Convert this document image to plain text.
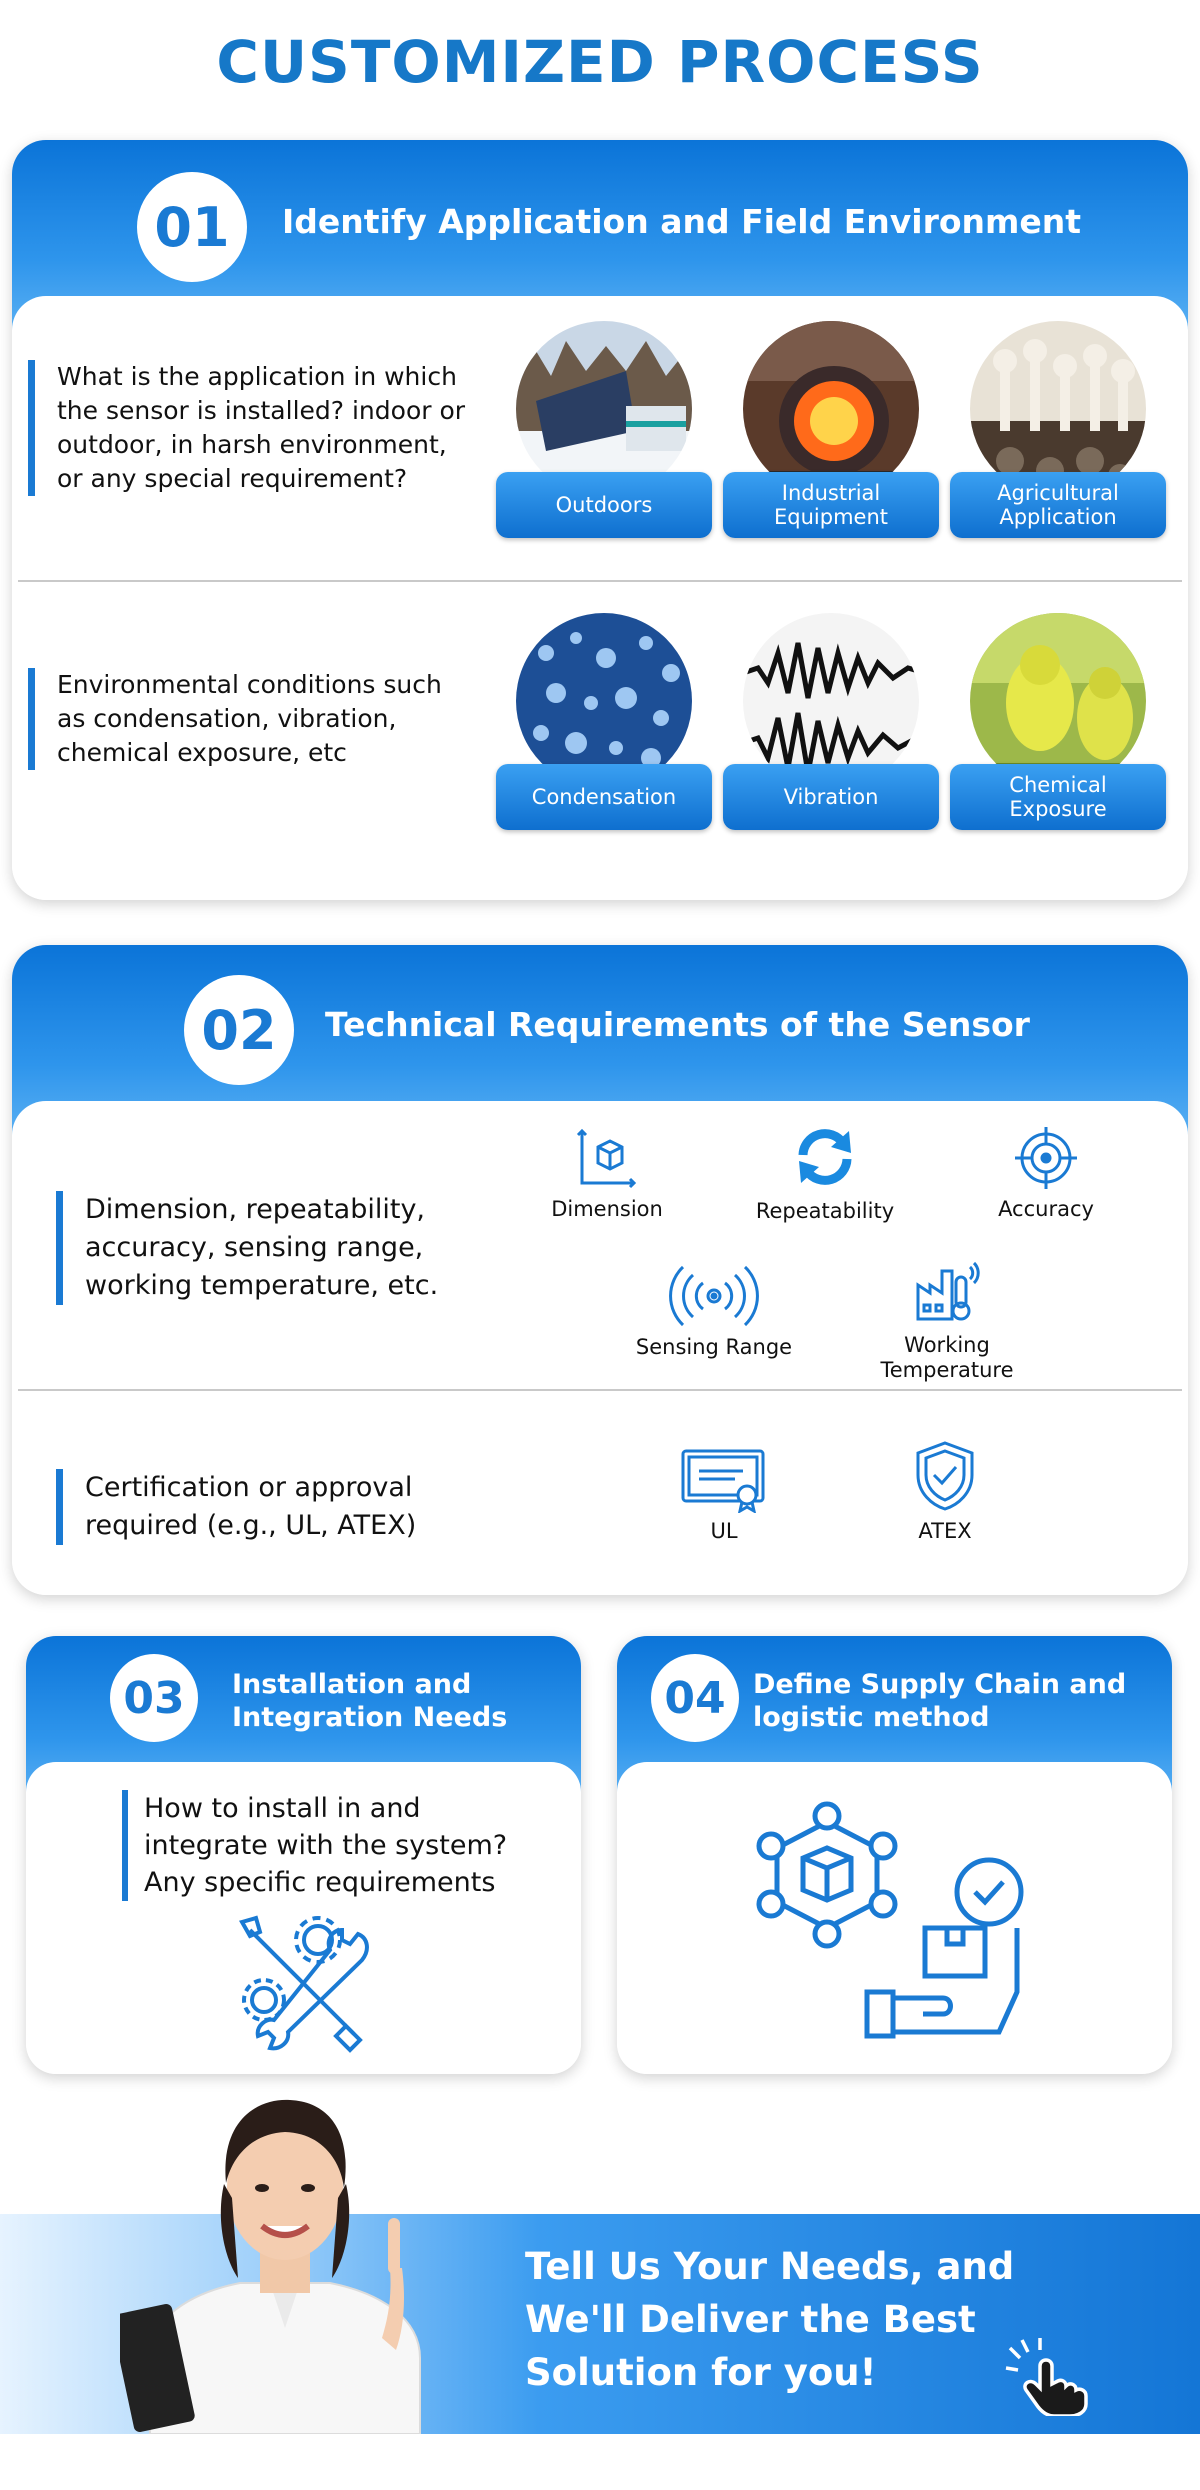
CUSTOMIZED PROCESS
01	Identify Application and Field Environment
What is the application in which the sensor is installed? indoor or outdoor, in harsh environment, or any special requirement?
Outdoors	Industrial Equipment
Agricultural Application
Environmental conditions such as condensation, vibration, chemical exposure, etc
Condensation	Vibration	Chemical Exposure
02	Technical Requirements of the Sensor
Dimension, repeatability, accuracy, sensing range, working temperature, etc.
Dimension	Repeatability	Accuracy
Sensing Range	Working Temperature
Certification or approval required (e.g., UL, ATEX)	UL	ATEX
03	Installation and Integration Needs
How to install in and integrate with the system? Any specific requirements
04	Define Supply Chain and logistic method
Tell Us Your Needs, and We'll Deliver the Best Solution for you!
